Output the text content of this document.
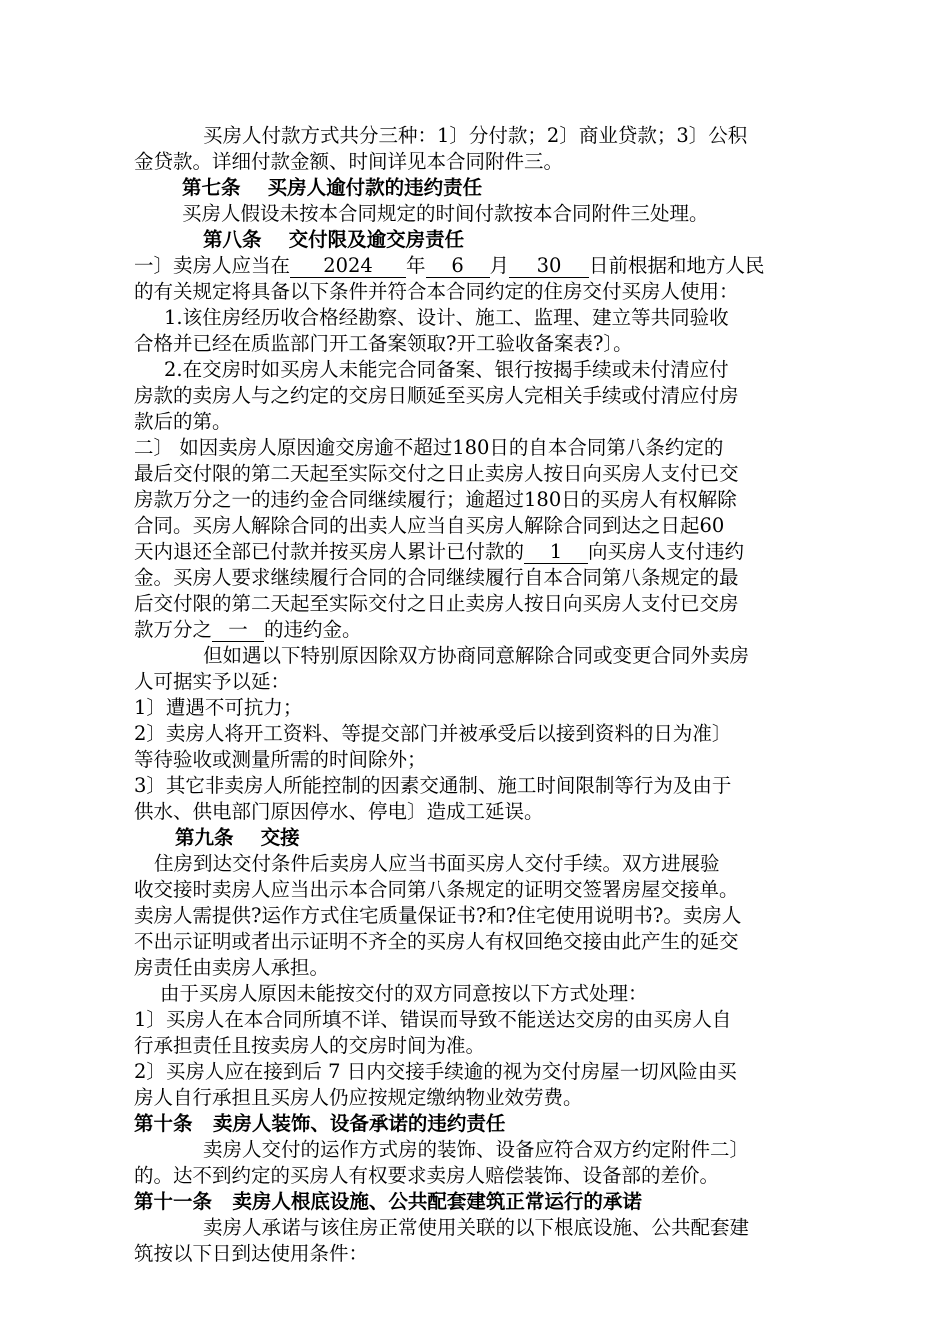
买房人付款方式共分三种：1〕分付款；2〕商业贷款；3〕公积
金贷款。详细付款金额、时间详见本合同附件三。
第七条    买房人逾付款的违约责任
买房人假设未按本合同规定的时间付款按本合同附件三处理。
第八条    交付限及逾交房责任
一〕卖房人应当在 2024 年 6 月 30 日前根据和地方人民
的有关规定将具备以下条件并符合本合同约定的住房交付买房人使用：
1.该住房经历收合格经勘察、设计、施工、监理、建立等共同验收
合格并已经在质监部门开工备案领取?开工验收备案表?〕。
2.在交房时如买房人未能完合同备案、银行按揭手续或未付清应付
房款的卖房人与之约定的交房日顺延至买房人完相关手续或付清应付房
款后的第。
二〕 如因卖房人原因逾交房逾不超过180日的自本合同第八条约定的
最后交付限的第二天起至实际交付之日止卖房人按日向买房人支付已交
房款万分之一的违约金合同继续履行；逾超过180日的买房人有权解除
合同。买房人解除合同的出卖人应当自买房人解除合同到达之日起60
天内退还全部已付款并按买房人累计已付款的 1 向买房人支付违约
金。买房人要求继续履行合同的合同继续履行自本合同第八条规定的最
后交付限的第二天起至实际交付之日止卖房人按日向买房人支付已交房
款万分之 一 的违约金。
但如遇以下特别原因除双方协商同意解除合同或变更合同外卖房
人可据实予以延：
1〕遭遇不可抗力；
2〕卖房人将开工资料、等提交部门并被承受后以接到资料的日为准〕
等待验收或测量所需的时间除外；
3〕其它非卖房人所能控制的因素交通制、施工时间限制等行为及由于
供水、供电部门原因停水、停电〕造成工延误。
第九条    交接
住房到达交付条件后卖房人应当书面买房人交付手续。双方进展验
收交接时卖房人应当出示本合同第八条规定的证明交签署房屋交接单。
卖房人需提供?运作方式住宅质量保证书?和?住宅使用说明书?。卖房人
不出示证明或者出示证明不齐全的买房人有权回绝交接由此产生的延交
房责任由卖房人承担。
由于买房人原因未能按交付的双方同意按以下方式处理：
1〕买房人在本合同所填不详、错误而导致不能送达交房的由买房人自
行承担责任且按卖房人的交房时间为准。
2〕买房人应在接到后 7 日内交接手续逾的视为交付房屋一切风险由买
房人自行承担且买房人仍应按规定缴纳物业效劳费。
第十条   卖房人装饰、设备承诺的违约责任
卖房人交付的运作方式房的装饰、设备应符合双方约定附件二〕
的。达不到约定的买房人有权要求卖房人赔偿装饰、设备部的差价。
第十一条   卖房人根底设施、公共配套建筑正常运行的承诺
卖房人承诺与该住房正常使用关联的以下根底设施、公共配套建
筑按以下日到达使用条件：
